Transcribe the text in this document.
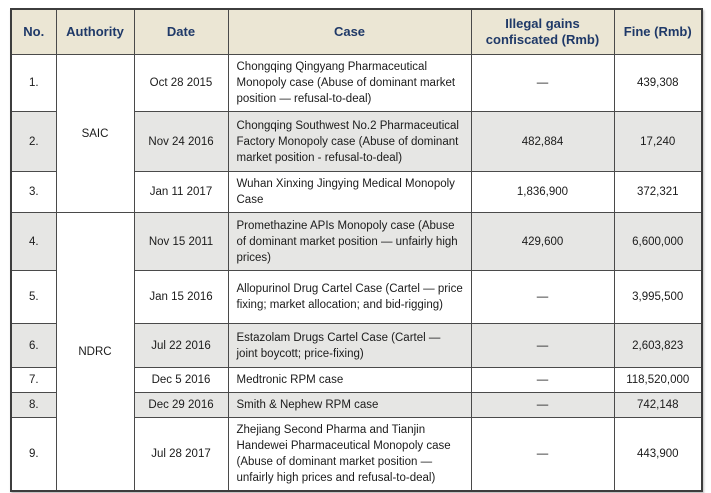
No.	Authority	Date	Case	Illegal gains confiscated (Rmb)	Fine (Rmb)
1.	SAIC	Oct 28 2015	Chongqing Qingyang Pharmaceutical Monopoly case (Abuse of dominant market position — refusal-to-deal)	—	439,308
2.		Nov 24 2016	Chongqing Southwest No.2 Pharmaceutical Factory Monopoly case (Abuse of dominant market position - refusal-to-deal)	482,884	17,240
3.		Jan 11 2017	Wuhan Xinxing Jingying Medical Monopoly Case	1,836,900	372,321
4.	NDRC	Nov 15 2011	Promethazine APIs Monopoly case (Abuse of dominant market position — unfairly high prices)	429,600	6,600,000
5.		Jan 15 2016	Allopurinol Drug Cartel Case (Cartel — price fixing; market allocation; and bid-rigging)	—	3,995,500
6.		Jul 22 2016	Estazolam Drugs Cartel Case (Cartel — joint boycott; price-fixing)	—	2,603,823
7.		Dec 5 2016	Medtronic RPM case	—	118,520,000
8.		Dec 29 2016	Smith & Nephew RPM case	—	742,148
9.		Jul 28 2017	Zhejiang Second Pharma and Tianjin Handewei Pharmaceutical Monopoly case (Abuse of dominant market position — unfairly high prices and refusal-to-deal)	—	443,900
